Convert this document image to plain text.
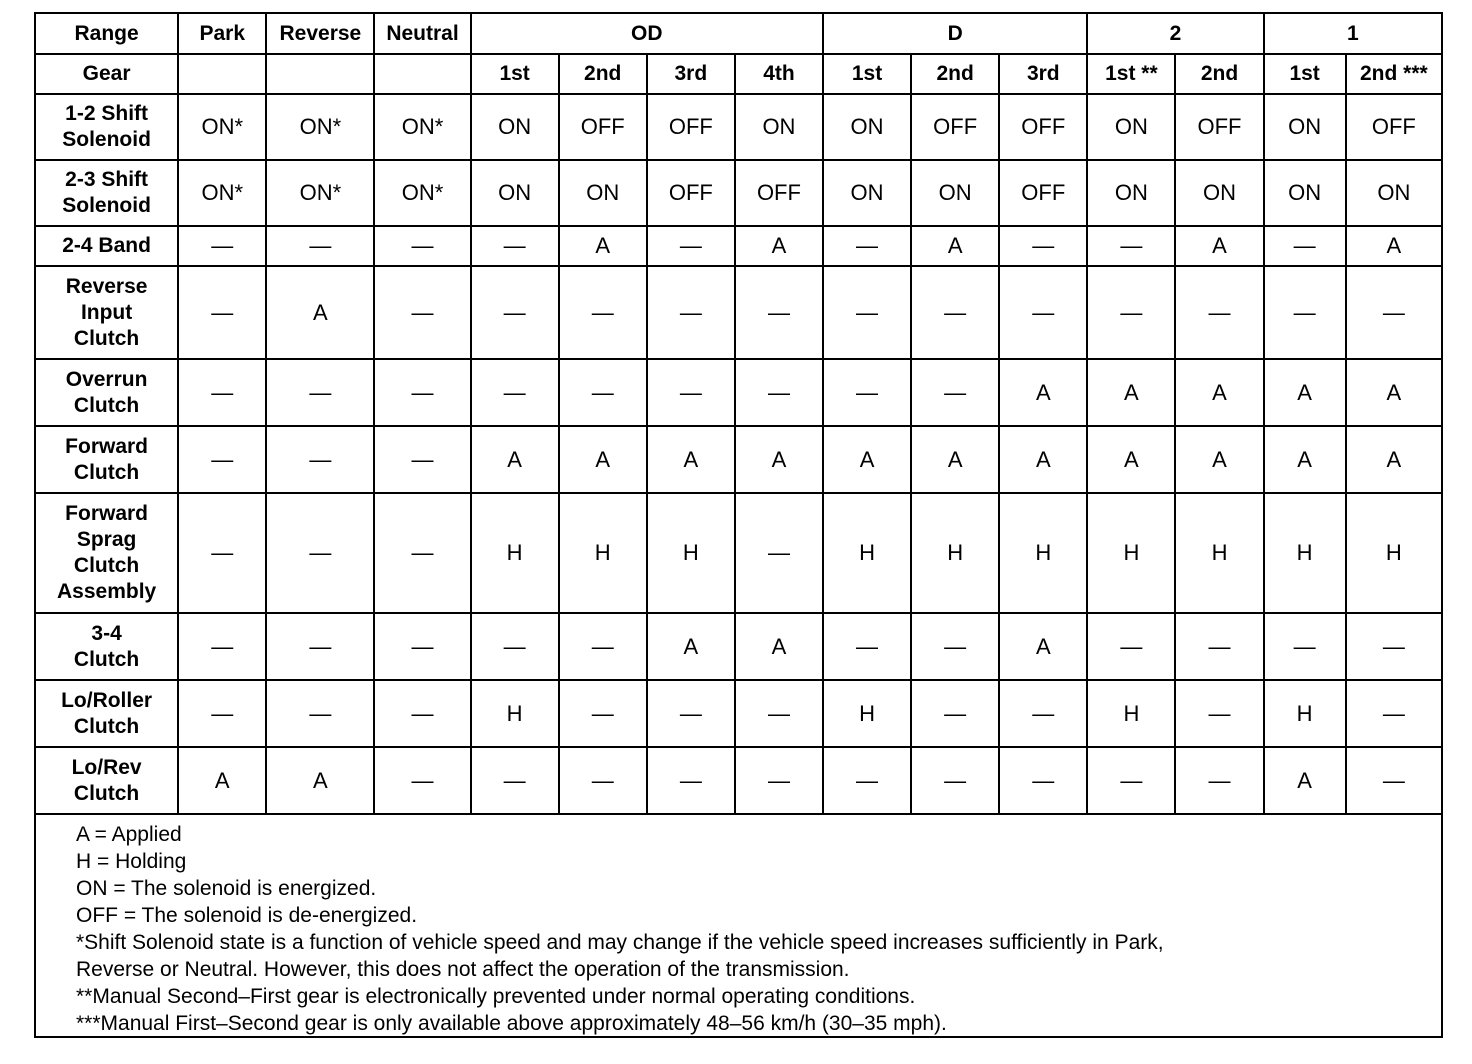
Range	Park	Reverse	Neutral	OD				D			2		1	
Gear				1st	2nd	3rd	4th	1st	2nd	3rd	1st **	2nd	1st	2nd ***

1-2 Shift
Solenoid	ON*	ON*	ON*	ON	OFF	OFF	ON	ON	OFF	OFF	ON	OFF	ON	OFF

2-3 Shift
Solenoid	ON*	ON*	ON*	ON	ON	OFF	OFF	ON	ON	OFF	ON	ON	ON	ON

2-4 Band	—	—	—	—	A	—	A	—	A	—	—	A	—	A

Reverse
Input
Clutch	—	A	—	—	—	—	—	—	—	—	—	—	—	—

Overrun
Clutch	—	—	—	—	—	—	—	—	—	A	A	A	A	A

Forward
Clutch	—	—	—	A	A	A	A	A	A	A	A	A	A	A

Forward
Sprag
Clutch
Assembly	—	—	—	H	H	H	—	H	H	H	H	H	H	H

3-4
Clutch	—	—	—	—	—	A	A	—	—	A	—	—	—	—

Lo/Roller
Clutch	—	—	—	H	—	—	—	H	—	—	H	—	H	—

Lo/Rev
Clutch	A	A	—	—	—	—	—	—	—	—	—	—	A	—
A = Applied
H = Holding
ON = The solenoid is energized.
OFF = The solenoid is de-energized.
*Shift Solenoid state is a function of vehicle speed and may change if the vehicle speed increases sufficiently in Park,
Reverse or Neutral. However, this does not affect the operation of the transmission.
**Manual Second–First gear is electronically prevented under normal operating conditions.
***Manual First–Second gear is only available above approximately 48–56 km/h (30–35 mph).
